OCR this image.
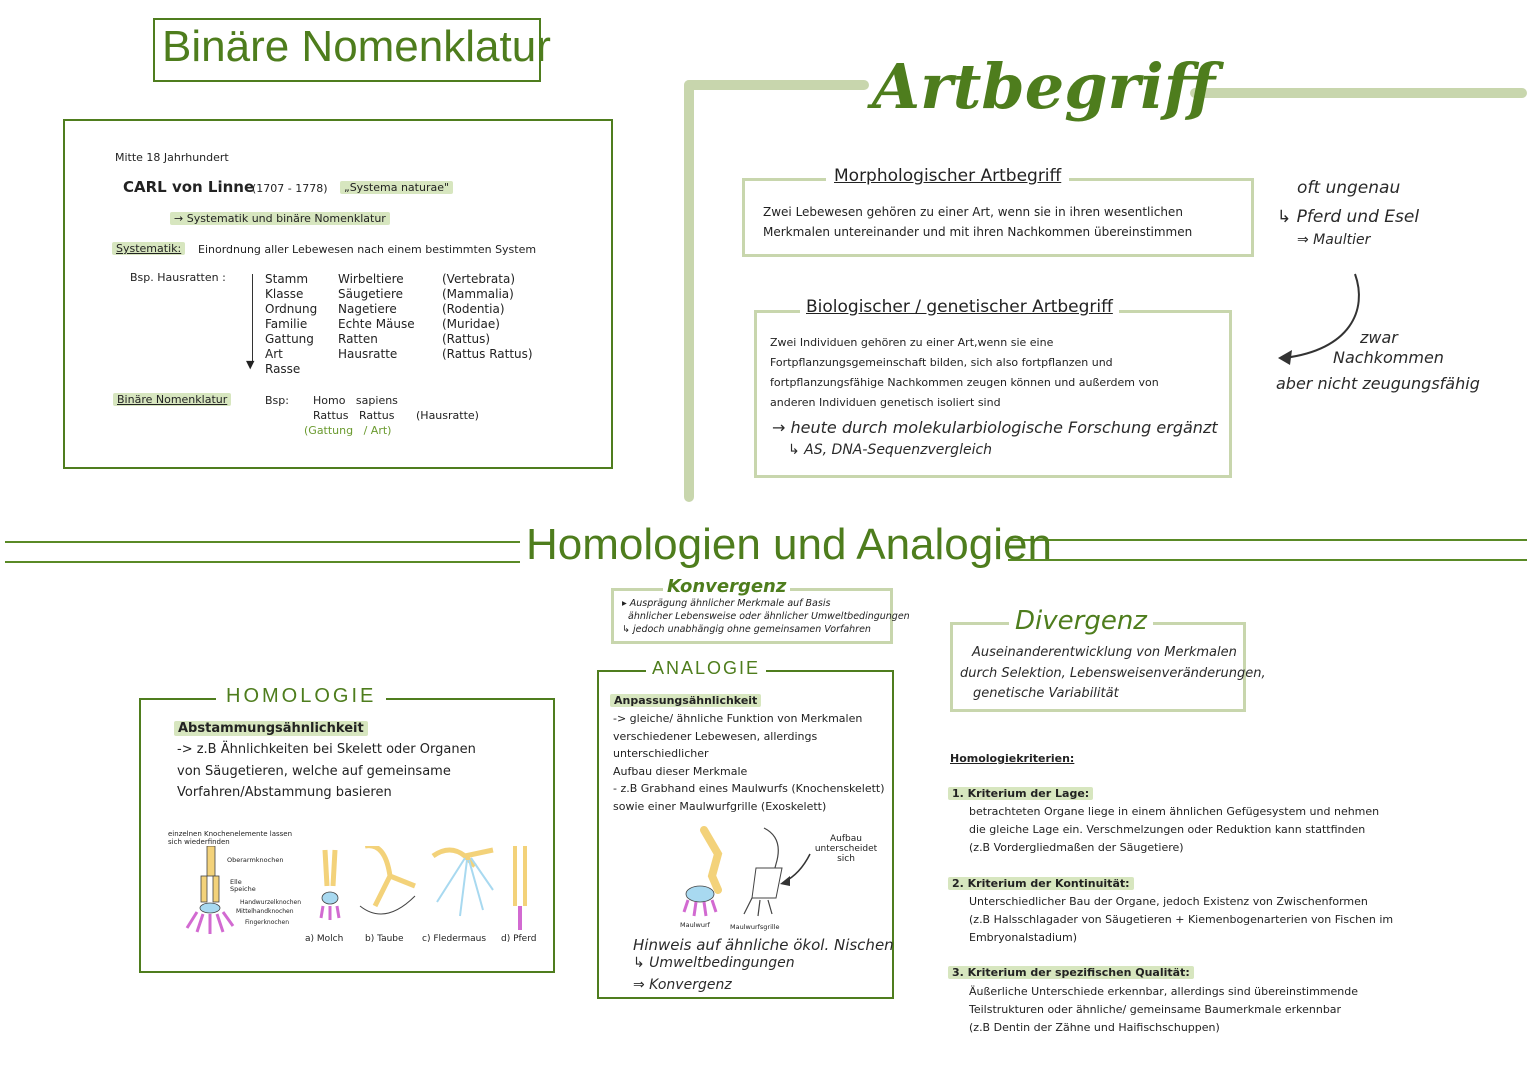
Binäre Nomenklatur
Mitte 18 Jahrhundert
CARL von Linne
(1707 - 1778)	„Systema naturae"
→ Systematik und binäre Nomenklatur
Systematik:	Einordnung aller Lebewesen nach einem bestimmten System
Bsp. Hausratten :
▼
Stamm Wirbeltiere	(Vertebrata)
Klasse	Säugetiere	(Mammalia)
Ordnung Nagetiere	(Rodentia)
Familie	Echte Mäuse (Muridae)
Gattung Ratten	(Rattus)
Art	Hausratte	(Rattus Rattus)
Rasse
Binäre Nomenklatur	Bsp: Homo   sapiens
Rattus   Rattus (Hausratte)
(Gattung   / Art)
Artbegriff
Morphologischer Artbegriff
Zwei Lebewesen gehören zu einer Art, wenn sie in ihren wesentlichen
Merkmalen untereinander und mit ihren Nachkommen übereinstimmen
Biologischer / genetischer Artbegriff
Zwei Individuen gehören zu einer Art,wenn sie eine
Fortpflanzungsgemeinschaft bilden, sich also fortpflanzen und
fortpflanzungsfähige Nachkommen zeugen können und außerdem von
anderen Individuen genetisch isoliert sind
→ heute durch molekularbiologische Forschung ergänzt
↳ AS, DNA-Sequenzvergleich
oft ungenau
↳ Pferd und Esel
⇒ Maultier
zwar
Nachkommen
aber nicht zeugungsfähig
Homologien und Analogien
Konvergenz
▸ Ausprägung ähnlicher Merkmale auf Basis
ähnlicher Lebensweise oder ähnlicher Umweltbedingungen
↳ jedoch unabhängig ohne gemeinsamen Vorfahren
HOMOLOGIE
Abstammungsähnlichkeit
-> z.B Ähnlichkeiten bei Skelett oder Organen
von Säugetieren, welche auf gemeinsame
Vorfahren/Abstammung basieren
einzelnen Knochenelemente lassen sich wiederfinden
Oberarmknochen
Elle
Speiche
Handwurzelknochen
Mittelhandknochen
Fingerknochen
a) Molch b) Taube c) Fledermaus d) Pferd
ANALOGIE
Anpassungsähnlichkeit
-> gleiche/ ähnliche Funktion von Merkmalen
verschiedener Lebewesen, allerdings
unterschiedlicher
Aufbau dieser Merkmale
- z.B Grabhand eines Maulwurfs (Knochenskelett)
sowie einer Maulwurfgrille (Exoskelett)
Aufbau unterscheidet sich
Maulwurf	Maulwurfsgrille
Hinweis auf ähnliche ökol. Nischen
↳ Umweltbedingungen
⇒ Konvergenz
Divergenz
Auseinanderentwicklung von Merkmalen
durch Selektion, Lebensweisenveränderungen,
genetische Variabilität
Homologiekriterien:
1. Kriterium der Lage:
betrachteten Organe liege in einem ähnlichen Gefügesystem und nehmen
die gleiche Lage ein. Verschmelzungen oder Reduktion kann stattfinden
(z.B Vordergliedmaßen der Säugetiere)
2. Kriterium der Kontinuität:
Unterschiedlicher Bau der Organe, jedoch Existenz von Zwischenformen
(z.B Halsschlagader von Säugetieren + Kiemenbogenarterien von Fischen im
Embryonalstadium)
3. Kriterium der spezifischen Qualität:
Äußerliche Unterschiede erkennbar, allerdings sind übereinstimmende
Teilstrukturen oder ähnliche/ gemeinsame Baumerkmale erkennbar
(z.B Dentin der Zähne und Haifischschuppen)
